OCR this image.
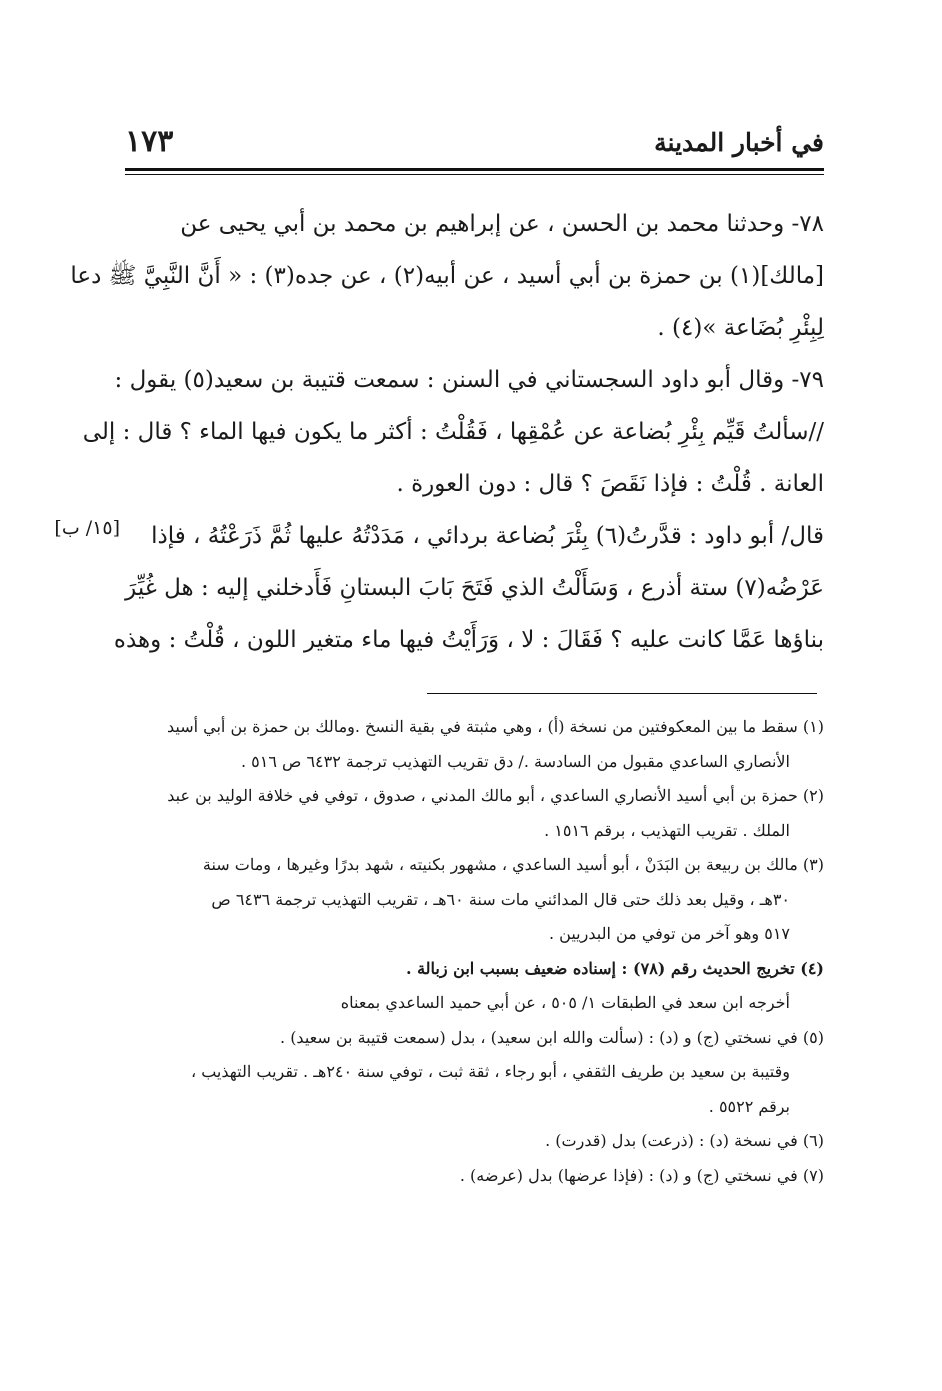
في أخبار المدينة
١٧٣
٧٨- وحدثنا محمد بن الحسن ، عن إبراهيم بن محمد بن أبي يحيى عن
[مالك](١) بن حمزة بن أبي أسيد ، عن أبيه(٢) ، عن جده(٣) : « أَنَّ النَّبِيَّ ﷺ دعا
لِبِئْرِ بُضَاعة »(٤) .
٧٩- وقال أبو داود السجستاني في السنن : سمعت قتيبة بن سعيد(٥) يقول :
//سألتُ قَيِّم بِئْرِ بُضاعة عن عُمْقِها ، فَقُلْتُ : أكثر ما يكون فيها الماء ؟ قال : إلى
العانة . قُلْتُ : فإذا نَقَصَ ؟ قال : دون العورة .
قال/ أبو داود : قدَّرتُ(٦) بِئْرَ بُضاعة بردائي ، مَدَدْتُهُ عليها ثُمَّ ذَرَعْتُهُ ، فإذا
عَرْضُه(٧) ستة أذرع ، وَسَأَلْتُ الذي فَتَحَ بَابَ البستانِ فَأَدخلني إليه : هل غُيِّرَ
بناؤها عَمَّا كانت عليه ؟ فَقَالَ : لا ، وَرَأَيْتُ فيها ماء متغير اللون ، قُلْتُ : وهذه
[١٥/ ب]
(١) سقط ما بين المعكوفتين من نسخة (أ) ، وهي مثبتة في بقية النسخ .ومالك بن حمزة بن أبي أسيد
الأنصاري الساعدي مقبول من السادسة ./ دق تقريب التهذيب ترجمة ٦٤٣٢ ص ٥١٦ .
(٢) حمزة بن أبي أسيد الأنصاري الساعدي ، أبو مالك المدني ، صدوق ، توفي في خلافة الوليد بن عبد
الملك . تقريب التهذيب ، برقم ١٥١٦ .
(٣) مالك بن ربيعة بن البَدَنْ ، أبو أسيد الساعدي ، مشهور بكنيته ، شهد بدرًا وغيرها ، ومات سنة
٣٠هـ ، وقيل بعد ذلك حتى قال المدائني مات سنة ٦٠هـ ، تقريب التهذيب ترجمة ٦٤٣٦ ص
٥١٧ وهو آخر من توفي من البدريين .
(٤) تخريج الحديث رقم (٧٨) : إسناده ضعيف بسبب ابن زبالة .
أخرجه ابن سعد في الطبقات ١/ ٥٠٥ ، عن أبي حميد الساعدي بمعناه
(٥) في نسختي (ج) و (د) : (سألت والله ابن سعيد) ، بدل (سمعت قتيبة بن سعيد) .
وقتيبة بن سعيد بن طريف الثقفي ، أبو رجاء ، ثقة ثبت ، توفي سنة ٢٤٠هـ . تقريب التهذيب ،
برقم ٥٥٢٢ .
(٦) في نسخة (د) : (ذرعت) بدل (قدرت) .
(٧) في نسختي (ج) و (د) : (فإذا عرضها) بدل (عرضه) .
